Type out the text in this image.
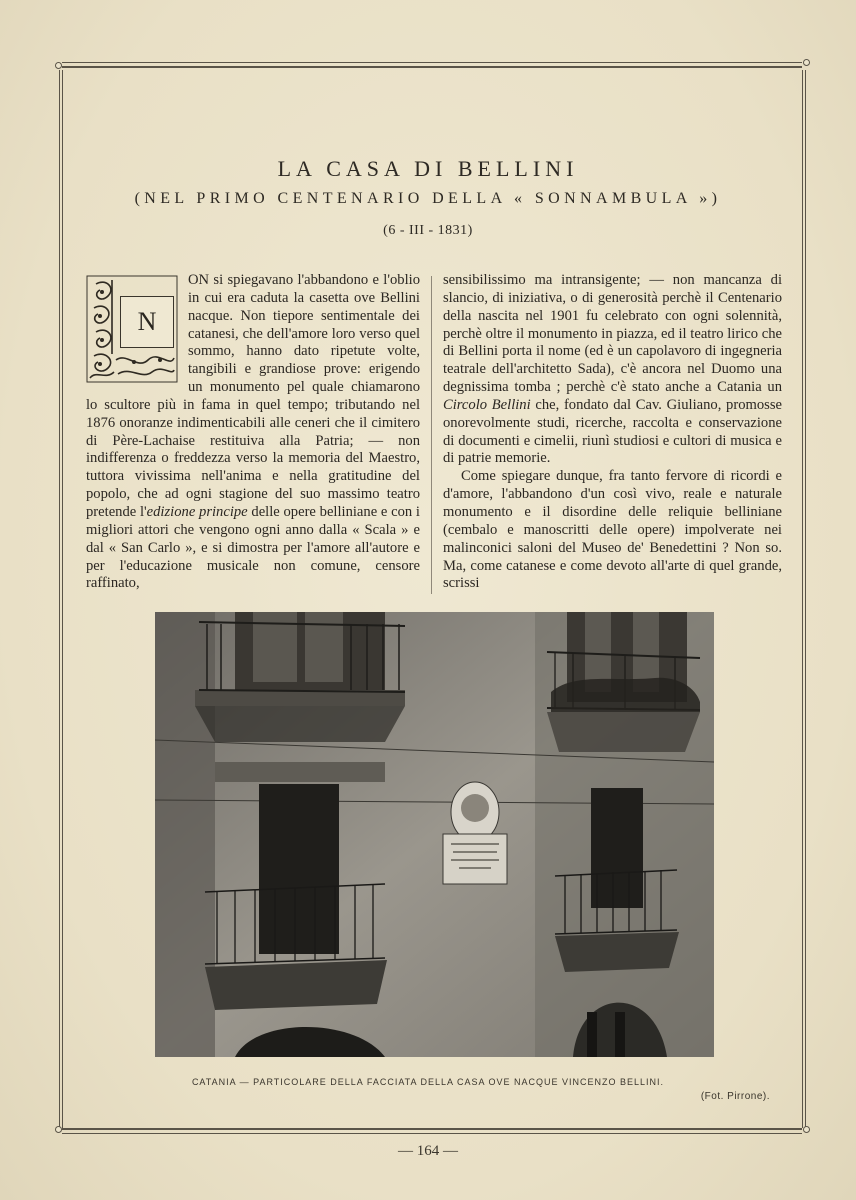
LA CASA DI BELLINI
(NEL PRIMO CENTENARIO DELLA « SONNAMBULA »)
(6 - III - 1831)

N
ON si spiegavano l'abbandono e l'oblio in cui era caduta la casetta ove Bellini nacque. Non tiepore sentimentale dei catanesi, che dell'amore loro verso quel sommo, hanno dato ripetute volte, tangibili e grandiose prove: erigendo un monumento pel quale chiamarono lo scultore più in fama in quel tempo; tributando nel 1876 onoranze indimenticabili alle ceneri che il cimitero di Père-Lachaise restituiva alla Patria; — non indifferenza o freddezza verso la memoria del Maestro, tuttora vivissima nell'anima e nella gratitudine del popolo, che ad ogni stagione del suo massimo teatro pretende l'edizione principe delle opere belliniane e con i migliori attori che vengono ogni anno dalla « Scala » e dal « San Carlo », e si dimostra per l'amore all'autore e per l'educazione musicale non comune, censore raffinato,

sensibilissimo ma intransigente; — non mancanza di slancio, di iniziativa, o di generosità perchè il Centenario della nascita nel 1901 fu celebrato con ogni solennità, perchè oltre il monumento in piazza, ed il teatro lirico che di Bellini porta il nome (ed è un capolavoro di ingegneria teatrale dell'architetto Sada), c'è ancora nel Duomo una degnissima tomba ; perchè c'è stato anche a Catania un Circolo Bellini che, fondato dal Cav. Giuliano, promosse onorevolmente studi, ricerche, raccolta e conservazione di documenti e cimelii, riunì studiosi e cultori di musica e di patrie memorie.

Come spiegare dunque, fra tanto fervore di ricordi e d'amore, l'abbandono d'un così vivo, reale e naturale monumento e il disordine delle reliquie belliniane (cembalo e manoscritti delle opere) impolverate nei malinconici saloni del Museo de' Benedettini ? Non so. Ma, come catanese e come devoto all'arte di quel grande, scrissi

CATANIA — PARTICOLARE DELLA FACCIATA DELLA CASA OVE NACQUE VINCENZO BELLINI.
(Fot. Pirrone).
— 164 —
